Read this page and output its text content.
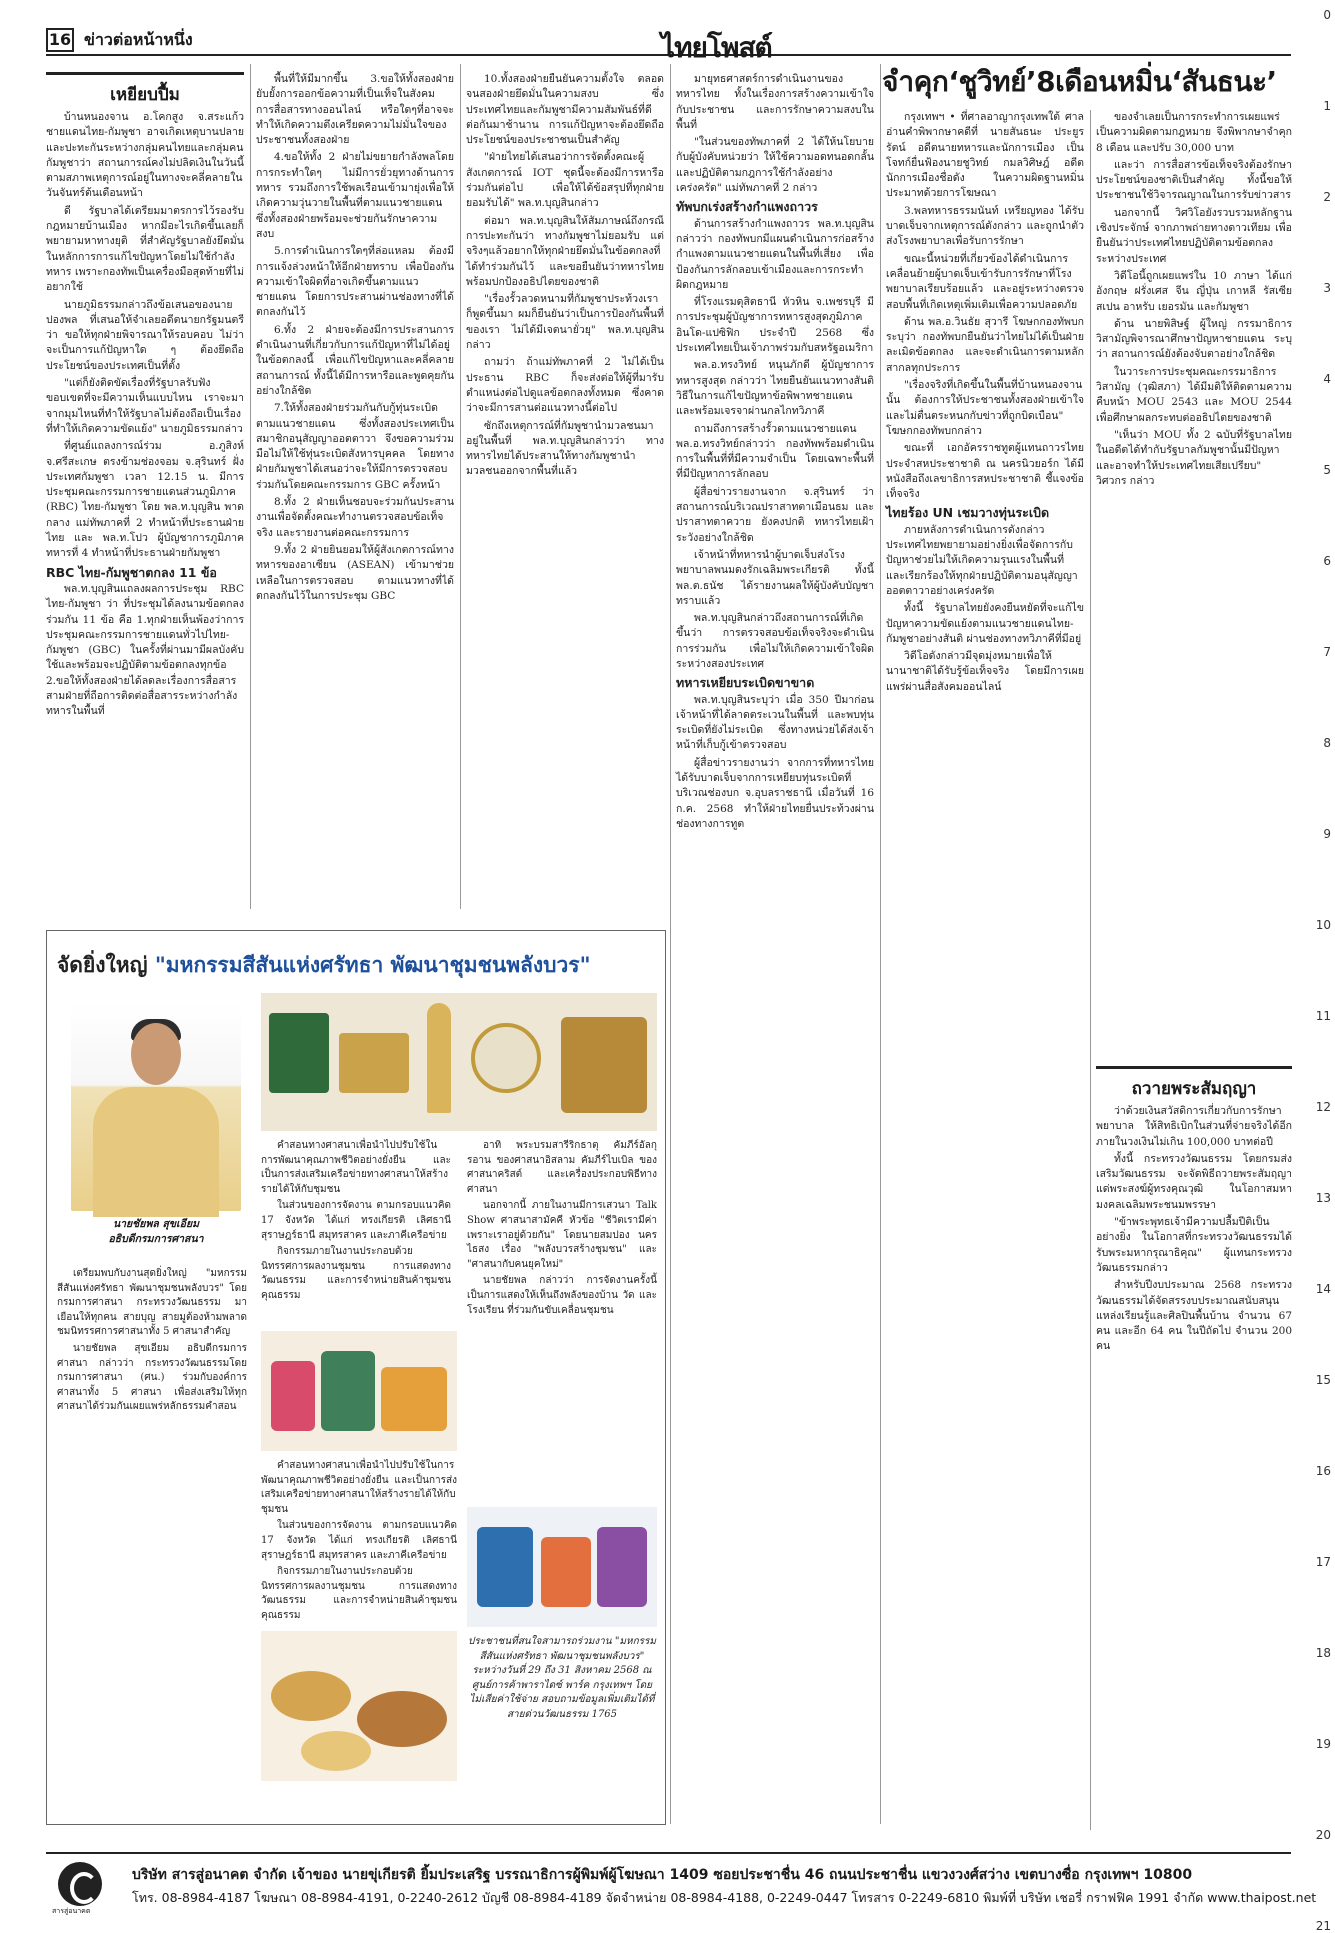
16 ข่าวต่อหน้าหนึ่ง	ไทยโพสต์
0
1
2
3
4
5
6
7
8
9
10
11
12
13
14
15
16
17
18
19
20
21
เหยียบปื้ม

บ้านหนองจาน อ.โคกสูง จ.สระแก้ว ชายแดนไทย-กัมพูชา อาจเกิดเหตุบานปลายและปะทะกันระหว่างกลุ่มคนไทยและกลุ่มคนกัมพูชาว่า สถานการณ์คงไม่ปลิดเงินในวันนี้ ตามสภาพเหตุการณ์อยู่ในทางจะคลี่คลายในวันจันทร์ต้นเดือนหน้า

ดี รัฐบาลได้เตรียมมาตรการไว้รองรับกฎหมายบ้านเมือง หากมีอะไรเกิดขึ้นเลยก็พยายามหาทางยุติ ที่สำคัญรัฐบาลยังยึดมั่นในหลักการการแก้ไขปัญหาโดยไม่ใช้กำลังทหาร เพราะกองทัพเป็นเครื่องมือสุดท้ายที่ไม่อยากใช้

นายภูมิธรรมกล่าวถึงข้อเสนอของนายปองพล ที่เสนอให้จำเลยอดีตนายกรัฐมนตรีว่า ขอให้ทุกฝ่ายพิจารณาให้รอบคอบ ไม่ว่าจะเป็นการแก้ปัญหาใด ๆ ต้องยึดถือประโยชน์ของประเทศเป็นที่ตั้ง

"แต่ก็ยังติดขัดเรื่องที่รัฐบาลรับฟังขอบเขตที่จะมีความเห็นแบบไหน เราจะมาจากมุมไหนที่ทำให้รัฐบาลไม่ต้องถือเป็นเรื่องที่ทำให้เกิดความขัดแย้ง" นายภูมิธรรมกล่าว

ที่ศูนย์แถลงการณ์ร่วม อ.ภูสิงห์ จ.ศรีสะเกษ ตรงข้ามช่องจอม จ.สุรินทร์ ฝั่งประเทศกัมพูชา เวลา 12.15 น. มีการประชุมคณะกรรมการชายแดนส่วนภูมิภาค (RBC) ไทย-กัมพูชา โดย พล.ท.บุญสิน พาดกลาง แม่ทัพภาคที่ 2 ทำหน้าที่ประธานฝ่ายไทย และ พล.ท.โปว ผู้บัญชาการภูมิภาคทหารที่ 4 ทำหน้าที่ประธานฝ่ายกัมพูชา

RBC ไทย-กัมพูชาตกลง 11 ข้อ

พล.ท.บุญสินแถลงผลการประชุม RBC ไทย-กัมพูชา ว่า ที่ประชุมได้ลงนามข้อตกลงร่วมกัน 11 ข้อ คือ 1.ทุกฝ่ายเห็นพ้องว่าการประชุมคณะกรรมการชายแดนทั่วไปไทย-กัมพูชา (GBC) ในครั้งที่ผ่านมามีผลบังคับใช้และพร้อมจะปฏิบัติตามข้อตกลงทุกข้อ 2.ขอให้ทั้งสองฝ่ายได้ลดละเรื่องการสื่อสารสามฝ่ายที่ถือการติดต่อสื่อสารระหว่างกำลังทหารในพื้นที่

พื้นที่ให้มีมากขึ้น 3.ขอให้ทั้งสองฝ่ายยับยั้งการออกข้อความที่เป็นเท็จในสังคม การสื่อสารทางออนไลน์ หรือใดๆที่อาจจะทำให้เกิดความตึงเครียดความไม่มั่นใจของประชาชนทั้งสองฝ่าย

4.ขอให้ทั้ง 2 ฝ่ายไม่ขยายกำลังพลโดยการกระทำใดๆ ไม่มีการยั่วยุทางด้านการทหาร รวมถึงการใช้พลเรือนเข้ามายุ่งเพื่อให้เกิดความวุ่นวายในพื้นที่ตามแนวชายแดน ซึ่งทั้งสองฝ่ายพร้อมจะช่วยกันรักษาความสงบ

5.การดำเนินการใดๆที่ล่อแหลม ต้องมีการแจ้งล่วงหน้าให้อีกฝ่ายทราบ เพื่อป้องกันความเข้าใจผิดที่อาจเกิดขึ้นตามแนวชายแดน โดยการประสานผ่านช่องทางที่ได้ตกลงกันไว้

6.ทั้ง 2 ฝ่ายจะต้องมีการประสานการดำเนินงานที่เกี่ยวกับการแก้ปัญหาที่ไม่ได้อยู่ในข้อตกลงนี้ เพื่อแก้ไขปัญหาและคลี่คลายสถานการณ์ ทั้งนี้ได้มีการหารือและพูดคุยกันอย่างใกล้ชิด

7.ให้ทั้งสองฝ่ายร่วมกันกับกู้ทุ่นระเบิดตามแนวชายแดน ซึ่งทั้งสองประเทศเป็นสมาชิกอนุสัญญาออตตาวา จึงขอความร่วมมือไม่ให้ใช้ทุ่นระเบิดสังหารบุคคล โดยทางฝ่ายกัมพูชาได้เสนอว่าจะให้มีการตรวจสอบร่วมกันโดยคณะกรรมการ GBC ครั้งหน้า

8.ทั้ง 2 ฝ่ายเห็นชอบจะร่วมกันประสานงานเพื่อจัดตั้งคณะทำงานตรวจสอบข้อเท็จจริง และรายงานต่อคณะกรรมการ

9.ทั้ง 2 ฝ่ายยินยอมให้ผู้สังเกตการณ์ทางทหารของอาเซียน (ASEAN) เข้ามาช่วยเหลือในการตรวจสอบ ตามแนวทางที่ได้ตกลงกันไว้ในการประชุม GBC

10.ทั้งสองฝ่ายยืนยันความตั้งใจ ตลอดจนสองฝ่ายยึดมั่นในความสงบ ซึ่งประเทศไทยและกัมพูชามีความสัมพันธ์ที่ดีต่อกันมาช้านาน การแก้ปัญหาจะต้องยึดถือประโยชน์ของประชาชนเป็นสำคัญ

"ฝ่ายไทยได้เสนอว่าการจัดตั้งคณะผู้สังเกตการณ์ IOT ชุดนี้จะต้องมีการหารือร่วมกันต่อไป เพื่อให้ได้ข้อสรุปที่ทุกฝ่ายยอมรับได้" พล.ท.บุญสินกล่าว

ต่อมา พล.ท.บุญสินให้สัมภาษณ์ถึงกรณีการปะทะกันว่า ทางกัมพูชาไม่ยอมรับ แต่จริงๆแล้วอยากให้ทุกฝ่ายยึดมั่นในข้อตกลงที่ได้ทำร่วมกันไว้ และขอยืนยันว่าทหารไทยพร้อมปกป้องอธิปไตยของชาติ

"เรื่องรั้วลวดหนามที่กัมพูชาประท้วงเราก็พูดขึ้นมา ผมก็ยืนยันว่าเป็นการป้องกันพื้นที่ของเรา ไม่ได้มีเจตนายั่วยุ" พล.ท.บุญสินกล่าว

ถามว่า ถ้าแม่ทัพภาคที่ 2 ไม่ได้เป็นประธาน RBC ก็จะส่งต่อให้ผู้ที่มารับตำแหน่งต่อไปดูแลข้อตกลงทั้งหมด ซึ่งคาดว่าจะมีการสานต่อแนวทางนี้ต่อไป

ซักถึงเหตุการณ์ที่กัมพูชานำมวลชนมาอยู่ในพื้นที่ พล.ท.บุญสินกล่าวว่า ทางทหารไทยได้ประสานให้ทางกัมพูชานำมวลชนออกจากพื้นที่แล้ว

มายุทธศาสตร์การดำเนินงานของทหารไทย ทั้งในเรื่องการสร้างความเข้าใจกับประชาชน และการรักษาความสงบในพื้นที่

"ในส่วนของทัพภาคที่ 2 ได้ให้นโยบายกับผู้บังคับหน่วยว่า ให้ใช้ความอดทนอดกลั้น และปฏิบัติตามกฎการใช้กำลังอย่างเคร่งครัด" แม่ทัพภาคที่ 2 กล่าว

ทัพบกเร่งสร้างกำแพงถาวร

ด้านการสร้างกำแพงถาวร พล.ท.บุญสิน กล่าวว่า กองทัพบกมีแผนดำเนินการก่อสร้างกำแพงตามแนวชายแดนในพื้นที่เสี่ยง เพื่อป้องกันการลักลอบเข้าเมืองและการกระทำผิดกฎหมาย

ที่โรงแรมดุสิตธานี หัวหิน จ.เพชรบุรี มีการประชุมผู้บัญชาการทหารสูงสุดภูมิภาคอินโด-แปซิฟิก ประจำปี 2568 ซึ่งประเทศไทยเป็นเจ้าภาพร่วมกับสหรัฐอเมริกา

พล.อ.ทรงวิทย์ หนุนภักดี ผู้บัญชาการทหารสูงสุด กล่าวว่า ไทยยืนยันแนวทางสันติวิธีในการแก้ไขปัญหาข้อพิพาทชายแดน และพร้อมเจรจาผ่านกลไกทวิภาคี

ถามถึงการสร้างรั้วตามแนวชายแดน พล.อ.ทรงวิทย์กล่าวว่า กองทัพพร้อมดำเนินการในพื้นที่ที่มีความจำเป็น โดยเฉพาะพื้นที่ที่มีปัญหาการลักลอบ

ผู้สื่อข่าวรายงานจาก จ.สุรินทร์ ว่า สถานการณ์บริเวณปราสาทตาเมือนธม และปราสาทตาควาย ยังคงปกติ ทหารไทยเฝ้าระวังอย่างใกล้ชิด

เจ้าหน้าที่ทหารนำผู้บาดเจ็บส่งโรงพยาบาลพนมดงรักเฉลิมพระเกียรติ ทั้งนี้ พล.ต.ธนัช ได้รายงานผลให้ผู้บังคับบัญชาทราบแล้ว

พล.ท.บุญสินกล่าวถึงสถานการณ์ที่เกิดขึ้นว่า การตรวจสอบข้อเท็จจริงจะดำเนินการร่วมกัน เพื่อไม่ให้เกิดความเข้าใจผิดระหว่างสองประเทศ

ทหารเหยียบระเบิดขาขาด

พล.ท.บุญสินระบุว่า เมื่อ 350 ปีมาก่อนเจ้าหน้าที่ได้ลาดตระเวนในพื้นที่ และพบทุ่นระเบิดที่ยังไม่ระเบิด ซึ่งทางหน่วยได้ส่งเจ้าหน้าที่เก็บกู้เข้าตรวจสอบ

ผู้สื่อข่าวรายงานว่า จากการที่ทหารไทยได้รับบาดเจ็บจากการเหยียบทุ่นระเบิดที่บริเวณช่องบก จ.อุบลราชธานี เมื่อวันที่ 16 ก.ค. 2568 ทำให้ฝ่ายไทยยื่นประท้วงผ่านช่องทางการทูต

จำคุก‘ชูวิทย์’8เดือนหมิ่น‘สันธนะ’

กรุงเทพฯ • ที่ศาลอาญากรุงเทพใต้ ศาลอ่านคำพิพากษาคดีที่ นายสันธนะ ประยูรรัตน์ อดีตนายทหารและนักการเมือง เป็นโจทก์ยื่นฟ้องนายชูวิทย์ กมลวิศิษฎ์ อดีตนักการเมืองชื่อดัง ในความผิดฐานหมิ่นประมาทด้วยการโฆษณา

3.พลทหารธรรมนันท์ เหรียญทอง ได้รับบาดเจ็บจากเหตุการณ์ดังกล่าว และถูกนำตัวส่งโรงพยาบาลเพื่อรับการรักษา

ขณะนี้หน่วยที่เกี่ยวข้องได้ดำเนินการเคลื่อนย้ายผู้บาดเจ็บเข้ารับการรักษาที่โรงพยาบาลเรียบร้อยแล้ว และอยู่ระหว่างตรวจสอบพื้นที่เกิดเหตุเพิ่มเติมเพื่อความปลอดภัย

ด้าน พล.อ.วินธัย สุวารี โฆษกกองทัพบก ระบุว่า กองทัพบกยืนยันว่าไทยไม่ได้เป็นฝ่ายละเมิดข้อตกลง และจะดำเนินการตามหลักสากลทุกประการ

"เรื่องจริงที่เกิดขึ้นในพื้นที่บ้านหนองจานนั้น ต้องการให้ประชาชนทั้งสองฝ่ายเข้าใจ และไม่ตื่นตระหนกกับข่าวที่ถูกบิดเบือน" โฆษกกองทัพบกกล่าว

ขณะที่ เอกอัครราชทูตผู้แทนถาวรไทยประจำสหประชาชาติ ณ นครนิวยอร์ก ได้มีหนังสือถึงเลขาธิการสหประชาชาติ ชี้แจงข้อเท็จจริง

ไทยร้อง UN เชมวางทุ่นระเบิด

ภายหลังการดำเนินการดังกล่าว ประเทศไทยพยายามอย่างยิ่งเพื่อจัดการกับปัญหาช่วยไม่ให้เกิดความรุนแรงในพื้นที่ และเรียกร้องให้ทุกฝ่ายปฏิบัติตามอนุสัญญาออตตาวาอย่างเคร่งครัด

ทั้งนี้ รัฐบาลไทยยังคงยืนหยัดที่จะแก้ไขปัญหาความขัดแย้งตามแนวชายแดนไทย-กัมพูชาอย่างสันติ ผ่านช่องทางทวิภาคีที่มีอยู่

วิดีโอดังกล่าวมีจุดมุ่งหมายเพื่อให้นานาชาติได้รับรู้ข้อเท็จจริง โดยมีการเผยแพร่ผ่านสื่อสังคมออนไลน์

ของจำเลยเป็นการกระทำการเผยแพร่ เป็นความผิดตามกฎหมาย จึงพิพากษาจำคุก 8 เดือน และปรับ 30,000 บาท

และว่า การสื่อสารข้อเท็จจริงต้องรักษาประโยชน์ของชาติเป็นสำคัญ ทั้งนี้ขอให้ประชาชนใช้วิจารณญาณในการรับข่าวสาร

นอกจากนี้ วิศวิโอยังรวบรวมหลักฐานเชิงประจักษ์ จากภาพถ่ายทางดาวเทียม เพื่อยืนยันว่าประเทศไทยปฏิบัติตามข้อตกลงระหว่างประเทศ

วิดีโอนี้ถูกเผยแพร่ใน 10 ภาษา ได้แก่ อังกฤษ ฝรั่งเศส จีน ญี่ปุ่น เกาหลี รัสเซีย สเปน อาหรับ เยอรมัน และกัมพูชา

ด้าน นายพิสิษฐ์ ผู้ใหญ่ กรรมาธิการวิสามัญพิจารณาศึกษาปัญหาชายแดน ระบุว่า สถานการณ์ยังต้องจับตาอย่างใกล้ชิด

ในวาระการประชุมคณะกรรมาธิการวิสามัญ (วุฒิสภา) ได้มีมติให้ติดตามความคืบหน้า MOU 2543 และ MOU 2544 เพื่อศึกษาผลกระทบต่ออธิปไตยของชาติ

"เห็นว่า MOU ทั้ง 2 ฉบับที่รัฐบาลไทยในอดีตได้ทำกับรัฐบาลกัมพูชานั้นมีปัญหา และอาจทำให้ประเทศไทยเสียเปรียบ" วิศวกร กล่าว

ถวายพระสัมฤญา

ว่าด้วยเงินสวัสดิการเกี่ยวกับการรักษาพยาบาล ให้สิทธิเบิกในส่วนที่จ่ายจริงได้อีก ภายในวงเงินไม่เกิน 100,000 บาทต่อปี

ทั้งนี้ กระทรวงวัฒนธรรม โดยกรมส่งเสริมวัฒนธรรม จะจัดพิธีถวายพระสัมฤญาแด่พระสงฆ์ผู้ทรงคุณวุฒิ ในโอกาสมหามงคลเฉลิมพระชนมพรรษา

"ข้าพระพุทธเจ้ามีความปลื้มปีติเป็นอย่างยิ่ง ในโอกาสที่กระทรวงวัฒนธรรมได้รับพระมหากรุณาธิคุณ" ผู้แทนกระทรวงวัฒนธรรมกล่าว

สำหรับปีงบประมาณ 2568 กระทรวงวัฒนธรรมได้จัดสรรงบประมาณสนับสนุนแหล่งเรียนรู้และศิลปินพื้นบ้าน จำนวน 67 คน และอีก 64 คน ในปีถัดไป จำนวน 200 คน

จัดยิ่งใหญ่ "มหกรรมสีสันแห่งศรัทธา พัฒนาชุมชนพลังบวร"
นายชัยพล สุขเอียม
อธิบดีกรมการศาสนา

เตรียมพบกับงานสุดยิ่งใหญ่ "มหกรรมสีสันแห่งศรัทธา พัฒนาชุมชนพลังบวร" โดยกรมการศาสนา กระทรวงวัฒนธรรม มาเยือนให้ทุกคน สายบุญ สายมูต้องห้ามพลาด ชมนิทรรศการศาสนาทั้ง 5 ศาสนาสำคัญ

นายชัยพล สุขเอียม อธิบดีกรมการศาสนา กล่าวว่า กระทรวงวัฒนธรรมโดยกรมการศาสนา (ศน.) ร่วมกับองค์การศาสนาทั้ง 5 ศาสนา เพื่อส่งเสริมให้ทุกศาสนาได้ร่วมกันเผยแพร่หลักธรรมคำสอน

คำสอนทางศาสนาเพื่อนำไปปรับใช้ในการพัฒนาคุณภาพชีวิตอย่างยั่งยืน และเป็นการส่งเสริมเครือข่ายทางศาสนาให้สร้างรายได้ให้กับชุมชน

ในส่วนของการจัดงาน ตามกรอบแนวคิด 17 จังหวัด ได้แก่ ทรงเกียรติ เลิศธานี สุราษฎร์ธานี สมุทรสาคร และภาคีเครือข่าย

กิจกรรมภายในงานประกอบด้วย นิทรรศการผลงานชุมชน การแสดงทางวัฒนธรรม และการจำหน่ายสินค้าชุมชนคุณธรรม

อาทิ พระบรมสารีริกธาตุ คัมภีร์อัลกุรอาน ของศาสนาอิสลาม คัมภีร์ไบเบิล ของศาสนาคริสต์ และเครื่องประกอบพิธีทางศาสนา

นอกจากนี้ ภายในงานมีการเสวนา Talk Show ศาสนาสามัคคี หัวข้อ "ชีวิตเรามีค่า เพราะเราอยู่ด้วยกัน" โดยนายสมปอง นครไธสง เรื่อง "พลังบวรสร้างชุมชน" และ "ศาสนากับคนยุคใหม่"

นายชัยพล กล่าวว่า การจัดงานครั้งนี้เป็นการแสดงให้เห็นถึงพลังของบ้าน วัด และโรงเรียน ที่ร่วมกันขับเคลื่อนชุมชน

คำสอนทางศาสนาเพื่อนำไปปรับใช้ในการพัฒนาคุณภาพชีวิตอย่างยั่งยืน และเป็นการส่งเสริมเครือข่ายทางศาสนาให้สร้างรายได้ให้กับชุมชน

ในส่วนของการจัดงาน ตามกรอบแนวคิด 17 จังหวัด ได้แก่ ทรงเกียรติ เลิศธานี สุราษฎร์ธานี สมุทรสาคร และภาคีเครือข่าย

กิจกรรมภายในงานประกอบด้วย นิทรรศการผลงานชุมชน การแสดงทางวัฒนธรรม และการจำหน่ายสินค้าชุมชนคุณธรรม

ประชาชนที่สนใจสามารถร่วมงาน "มหกรรมสีสันแห่งศรัทธา พัฒนาชุมชนพลังบวร" ระหว่างวันที่ 29 ถึง 31 สิงหาคม 2568 ณ ศูนย์การค้าพาราไดซ์ พาร์ค กรุงเทพฯ โดยไม่เสียค่าใช้จ่าย สอบถามข้อมูลเพิ่มเติมได้ที่สายด่วนวัฒนธรรม 1765
สารสู่อนาคต
บริษัท สารสู่อนาคต จำกัด เจ้าของ นายขุ่เกียรติ ยิ้มประเสริฐ บรรณาธิการผู้พิมพ์ผู้โฆษณา 1409 ซอยประชาชื่น 46 ถนนประชาชื่น แขวงวงศ์สว่าง เขตบางซื่อ กรุงเทพฯ 10800
โทร. 08-8984-4187 โฆษณา 08-8984-4191, 0-2240-2612 บัญชี 08-8984-4189 จัดจำหน่าย 08-8984-4188, 0-2249-0447 โทรสาร 0-2249-6810 พิมพ์ที่ บริษัท เชอรี่ กราฟฟิค 1991 จำกัด www.thaipost.net
